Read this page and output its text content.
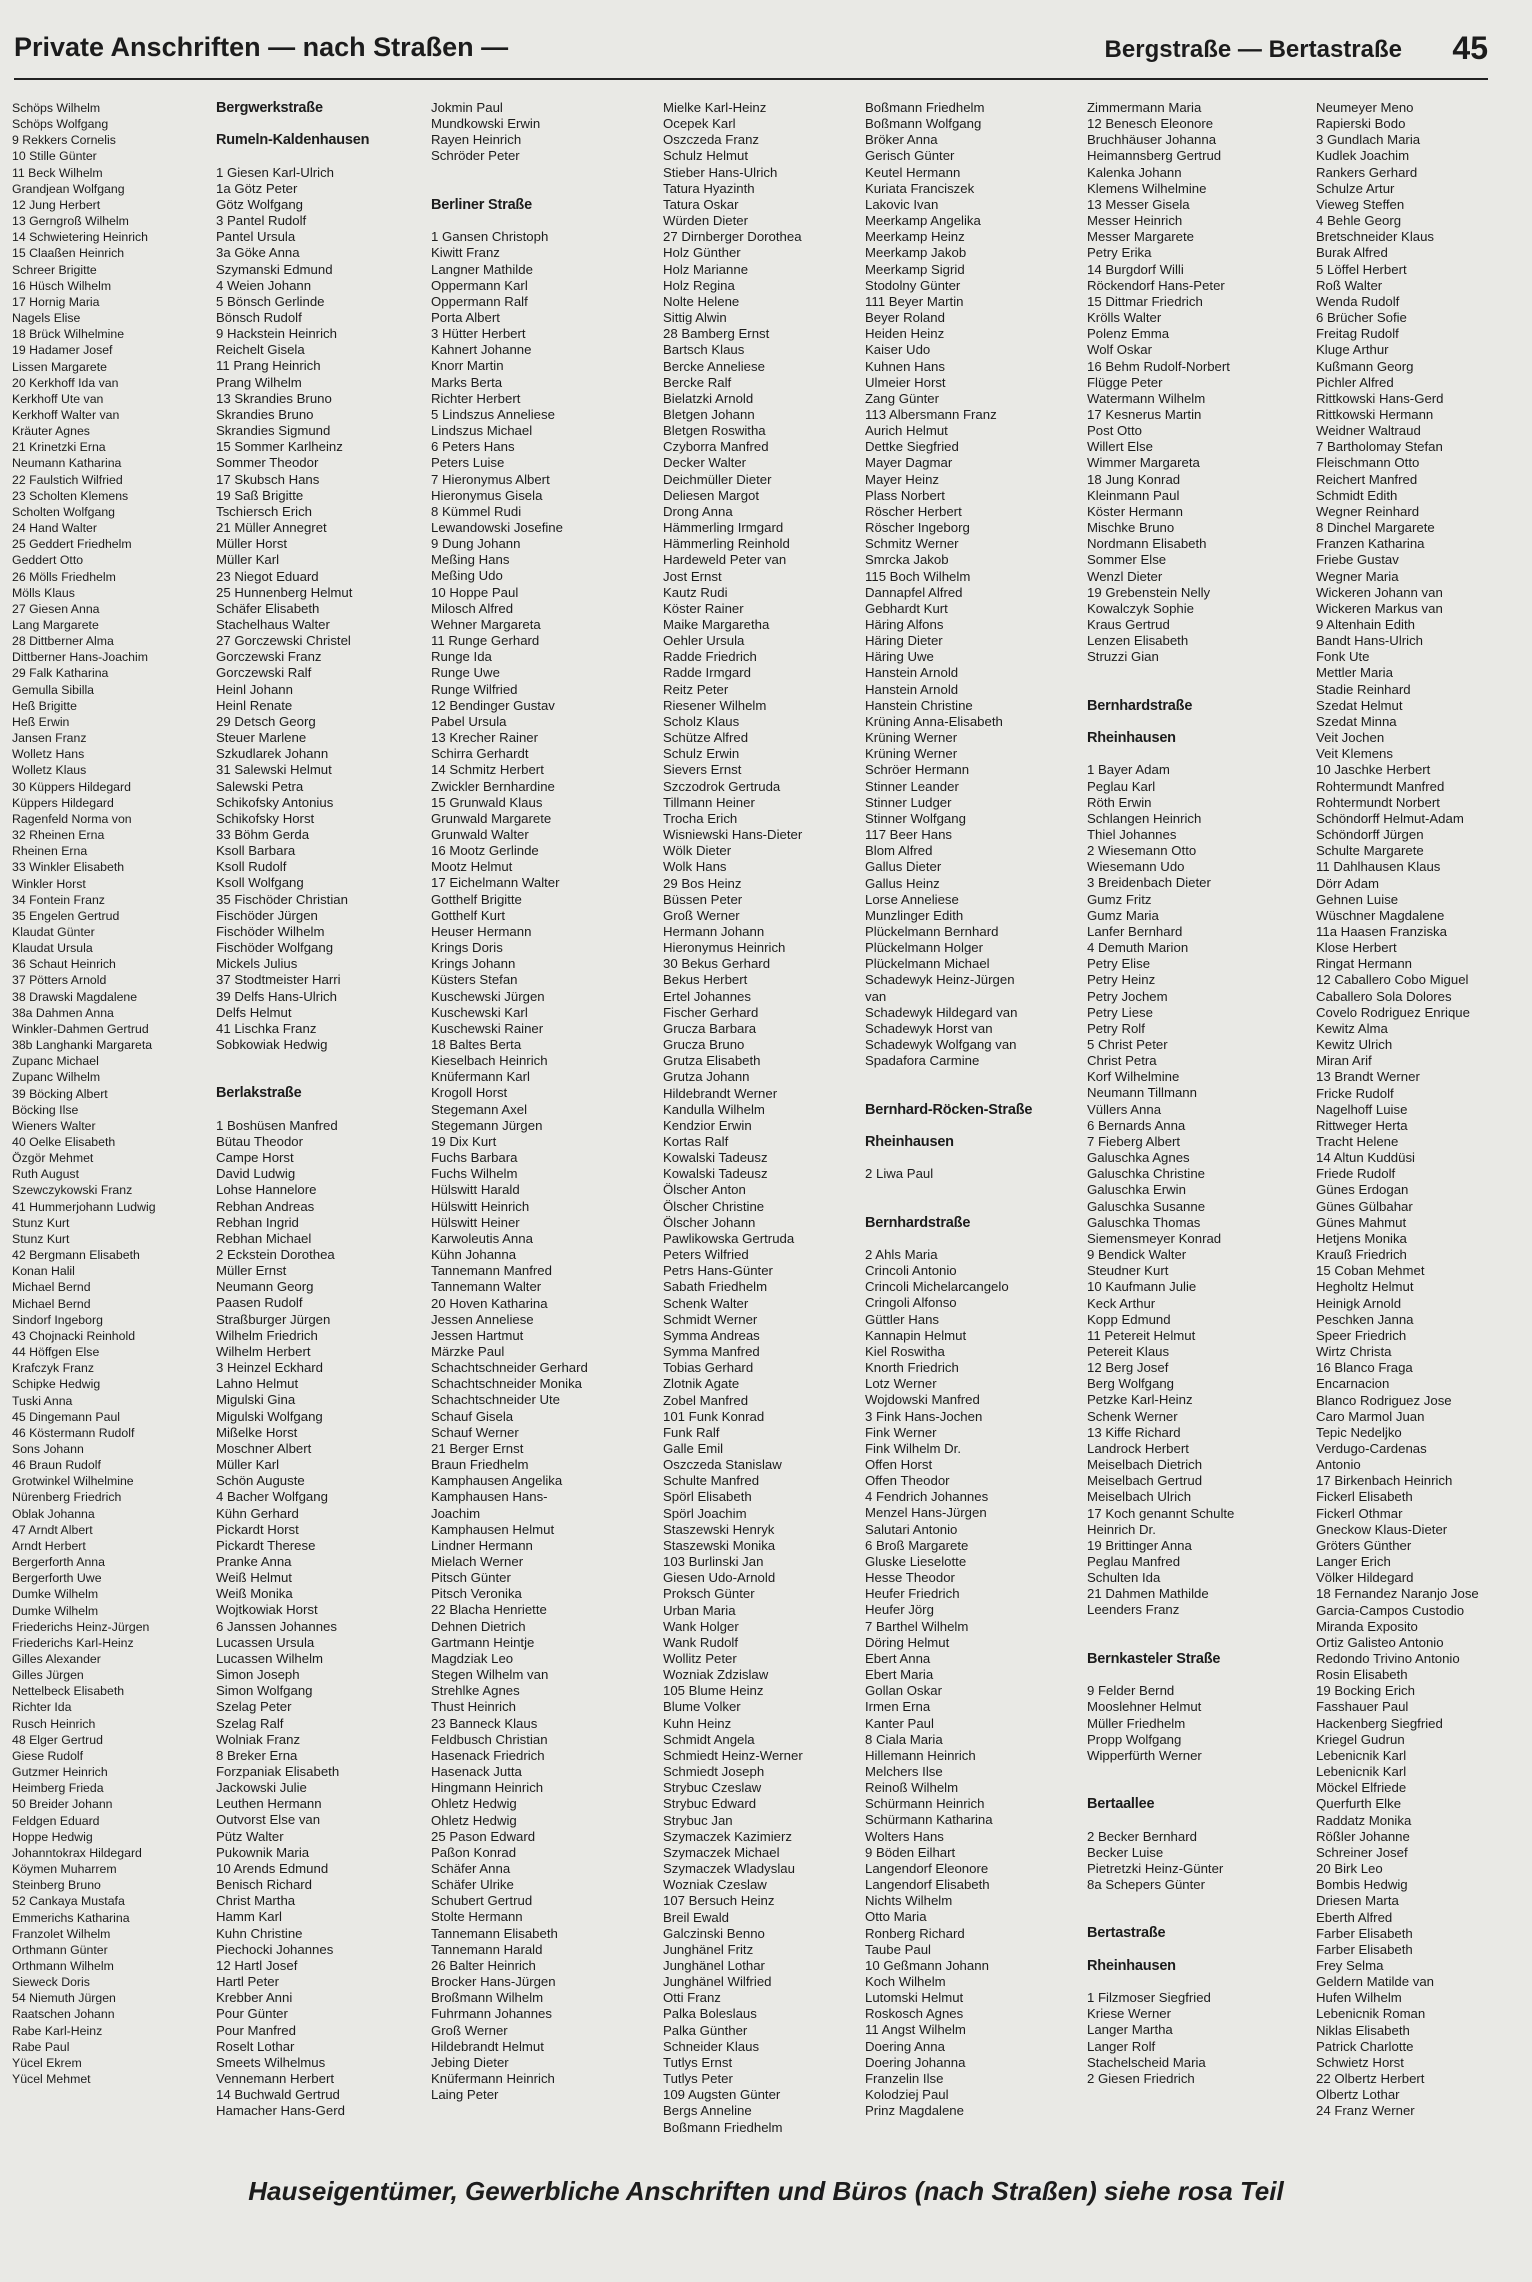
Private Anschriften — nach Straßen —	Bergstraße — Bertastraße 45
Schöps Wilhelm
Schöps Wolfgang
9 Rekkers Cornelis
10 Stille Günter
11 Beck Wilhelm
Grandjean Wolfgang
12 Jung Herbert
13 Gerngroß Wilhelm
14 Schwietering Heinrich
15 Claaßen Heinrich
Schreer Brigitte
16 Hüsch Wilhelm
17 Hornig Maria
Nagels Elise
18 Brück Wilhelmine
19 Hadamer Josef
Lissen Margarete
20 Kerkhoff Ida van
Kerkhoff Ute van
Kerkhoff Walter van
Kräuter Agnes
21 Krinetzki Erna
Neumann Katharina
22 Faulstich Wilfried
23 Scholten Klemens
Scholten Wolfgang
24 Hand Walter
25 Geddert Friedhelm
Geddert Otto
26 Mölls Friedhelm
Mölls Klaus
27 Giesen Anna
Lang Margarete
28 Dittberner Alma
Dittberner Hans-Joachim
29 Falk Katharina
Gemulla Sibilla
Heß Brigitte
Heß Erwin
Jansen Franz
Wolletz Hans
Wolletz Klaus
30 Küppers Hildegard
Küppers Hildegard
Ragenfeld Norma von
32 Rheinen Erna
Rheinen Erna
33 Winkler Elisabeth
Winkler Horst
34 Fontein Franz
35 Engelen Gertrud
Klaudat Günter
Klaudat Ursula
36 Schaut Heinrich
37 Pötters Arnold
38 Drawski Magdalene
38a Dahmen Anna
Winkler-Dahmen Gertrud
38b Langhanki Margareta
Zupanc Michael
Zupanc Wilhelm
39 Böcking Albert
Böcking Ilse
Wieners Walter
40 Oelke Elisabeth
Özgör Mehmet
Ruth August
Szewczykowski Franz
41 Hummerjohann Ludwig
Stunz Kurt
Stunz Kurt
42 Bergmann Elisabeth
Konan Halil
Michael Bernd
Michael Bernd
Sindorf Ingeborg
43 Chojnacki Reinhold
44 Höffgen Else
Krafczyk Franz
Schipke Hedwig
Tuski Anna
45 Dingemann Paul
46 Köstermann Rudolf
Sons Johann
46 Braun Rudolf
Grotwinkel Wilhelmine
Nürenberg Friedrich
Oblak Johanna
47 Arndt Albert
Arndt Herbert
Bergerforth Anna
Bergerforth Uwe
Dumke Wilhelm
Dumke Wilhelm
Friederichs Heinz-Jürgen
Friederichs Karl-Heinz
Gilles Alexander
Gilles Jürgen
Nettelbeck Elisabeth
Richter Ida
Rusch Heinrich
48 Elger Gertrud
Giese Rudolf
Gutzmer Heinrich
Heimberg Frieda
50 Breider Johann
Feldgen Eduard
Hoppe Hedwig
Johanntokrax Hildegard
Köymen Muharrem
Steinberg Bruno
52 Cankaya Mustafa
Emmerichs Katharina
Franzolet Wilhelm
Orthmann Günter
Orthmann Wilhelm
Sieweck Doris
54 Niemuth Jürgen
Raatschen Johann
Rabe Karl-Heinz
Rabe Paul
Yücel Ekrem
Yücel Mehmet
Bergwerkstraße
Rumeln-Kaldenhausen
1 Giesen Karl-Ulrich
1a Götz Peter
Götz Wolfgang
3 Pantel Rudolf
Pantel Ursula
3a Göke Anna
Szymanski Edmund
4 Weien Johann
5 Bönsch Gerlinde
Bönsch Rudolf
9 Hackstein Heinrich
Reichelt Gisela
11 Prang Heinrich
Prang Wilhelm
13 Skrandies Bruno
Skrandies Bruno
Skrandies Sigmund
15 Sommer Karlheinz
Sommer Theodor
17 Skubsch Hans
19 Saß Brigitte
Tschiersch Erich
21 Müller Annegret
Müller Horst
Müller Karl
23 Niegot Eduard
25 Hunnenberg Helmut
Schäfer Elisabeth
Stachelhaus Walter
27 Gorczewski Christel
Gorczewski Franz
Gorczewski Ralf
Heinl Johann
Heinl Renate
29 Detsch Georg
Steuer Marlene
Szkudlarek Johann
31 Salewski Helmut
Salewski Petra
Schikofsky Antonius
Schikofsky Horst
33 Böhm Gerda
Ksoll Barbara
Ksoll Rudolf
Ksoll Wolfgang
35 Fischöder Christian
Fischöder Jürgen
Fischöder Wilhelm
Fischöder Wolfgang
Mickels Julius
37 Stodtmeister Harri
39 Delfs Hans-Ulrich
Delfs Helmut
41 Lischka Franz
Sobkowiak Hedwig
Berlakstraße
1 Boshüsen Manfred
Bütau Theodor
Campe Horst
David Ludwig
Lohse Hannelore
Rebhan Andreas
Rebhan Ingrid
Rebhan Michael
2 Eckstein Dorothea
Müller Ernst
Neumann Georg
Paasen Rudolf
Straßburger Jürgen
Wilhelm Friedrich
Wilhelm Herbert
3 Heinzel Eckhard
Lahno Helmut
Migulski Gina
Migulski Wolfgang
Mißelke Horst
Moschner Albert
Müller Karl
Schön Auguste
4 Bacher Wolfgang
Kühn Gerhard
Pickardt Horst
Pickardt Therese
Pranke Anna
Weiß Helmut
Weiß Monika
Wojtkowiak Horst
6 Janssen Johannes
Lucassen Ursula
Lucassen Wilhelm
Simon Joseph
Simon Wolfgang
Szelag Peter
Szelag Ralf
Wolniak Franz
8 Breker Erna
Forzpaniak Elisabeth
Jackowski Julie
Leuthen Hermann
Outvorst Else van
Pütz Walter
Pukownik Maria
10 Arends Edmund
Benisch Richard
Christ Martha
Hamm Karl
Kuhn Christine
Piechocki Johannes
12 Hartl Josef
Hartl Peter
Krebber Anni
Pour Günter
Pour Manfred
Roselt Lothar
Smeets Wilhelmus
Vennemann Herbert
14 Buchwald Gertrud
Hamacher Hans-Gerd
Jokmin Paul
Mundkowski Erwin
Rayen Heinrich
Schröder Peter
Berliner Straße
1 Gansen Christoph
Kiwitt Franz
Langner Mathilde
Oppermann Karl
Oppermann Ralf
Porta Albert
3 Hütter Herbert
Kahnert Johanne
Knorr Martin
Marks Berta
Richter Herbert
5 Lindszus Anneliese
Lindszus Michael
6 Peters Hans
Peters Luise
7 Hieronymus Albert
Hieronymus Gisela
8 Kümmel Rudi
Lewandowski Josefine
9 Dung Johann
Meßing Hans
Meßing Udo
10 Hoppe Paul
Milosch Alfred
Wehner Margareta
11 Runge Gerhard
Runge Ida
Runge Uwe
Runge Wilfried
12 Bendinger Gustav
Pabel Ursula
13 Krecher Rainer
Schirra Gerhardt
14 Schmitz Herbert
Zwickler Bernhardine
15 Grunwald Klaus
Grunwald Margarete
Grunwald Walter
16 Mootz Gerlinde
Mootz Helmut
17 Eichelmann Walter
Gotthelf Brigitte
Gotthelf Kurt
Heuser Hermann
Krings Doris
Krings Johann
Küsters Stefan
Kuschewski Jürgen
Kuschewski Karl
Kuschewski Rainer
18 Baltes Berta
Kieselbach Heinrich
Knüfermann Karl
Krogoll Horst
Stegemann Axel
Stegemann Jürgen
19 Dix Kurt
Fuchs Barbara
Fuchs Wilhelm
Hülswitt Harald
Hülswitt Heinrich
Hülswitt Heiner
Karwoleutis Anna
Kühn Johanna
Tannemann Manfred
Tannemann Walter
20 Hoven Katharina
Jessen Anneliese
Jessen Hartmut
Märzke Paul
Schachtschneider Gerhard
Schachtschneider Monika
Schachtschneider Ute
Schauf Gisela
Schauf Werner
21 Berger Ernst
Braun Friedhelm
Kamphausen Angelika
Kamphausen Hans-
Joachim
Kamphausen Helmut
Lindner Hermann
Mielach Werner
Pitsch Günter
Pitsch Veronika
22 Blacha Henriette
Dehnen Dietrich
Gartmann Heintje
Magdziak Leo
Stegen Wilhelm van
Strehlke Agnes
Thust Heinrich
23 Banneck Klaus
Feldbusch Christian
Hasenack Friedrich
Hasenack Jutta
Hingmann Heinrich
Ohletz Hedwig
Ohletz Hedwig
25 Pason Edward
Paßon Konrad
Schäfer Anna
Schäfer Ulrike
Schubert Gertrud
Stolte Hermann
Tannemann Elisabeth
Tannemann Harald
26 Balter Heinrich
Brocker Hans-Jürgen
Broßmann Wilhelm
Fuhrmann Johannes
Groß Werner
Hildebrandt Helmut
Jebing Dieter
Knüfermann Heinrich
Laing Peter
Mielke Karl-Heinz
Ocepek Karl
Oszczeda Franz
Schulz Helmut
Stieber Hans-Ulrich
Tatura Hyazinth
Tatura Oskar
Würden Dieter
27 Dirnberger Dorothea
Holz Günther
Holz Marianne
Holz Regina
Nolte Helene
Sittig Alwin
28 Bamberg Ernst
Bartsch Klaus
Bercke Anneliese
Bercke Ralf
Bielatzki Arnold
Bletgen Johann
Bletgen Roswitha
Czyborra Manfred
Decker Walter
Deichmüller Dieter
Deliesen Margot
Drong Anna
Hämmerling Irmgard
Hämmerling Reinhold
Hardeweld Peter van
Jost Ernst
Kautz Rudi
Köster Rainer
Maike Margaretha
Oehler Ursula
Radde Friedrich
Radde Irmgard
Reitz Peter
Riesener Wilhelm
Scholz Klaus
Schütze Alfred
Schulz Erwin
Sievers Ernst
Szczodrok Gertruda
Tillmann Heiner
Trocha Erich
Wisniewski Hans-Dieter
Wölk Dieter
Wolk Hans
29 Bos Heinz
Büssen Peter
Groß Werner
Hermann Johann
Hieronymus Heinrich
30 Bekus Gerhard
Bekus Herbert
Ertel Johannes
Fischer Gerhard
Grucza Barbara
Grucza Bruno
Grutza Elisabeth
Grutza Johann
Hildebrandt Werner
Kandulla Wilhelm
Kendzior Erwin
Kortas Ralf
Kowalski Tadeusz
Kowalski Tadeusz
Ölscher Anton
Ölscher Christine
Ölscher Johann
Pawlikowska Gertruda
Peters Wilfried
Petrs Hans-Günter
Sabath Friedhelm
Schenk Walter
Schmidt Werner
Symma Andreas
Symma Manfred
Tobias Gerhard
Zlotnik Agate
Zobel Manfred
101 Funk Konrad
Funk Ralf
Galle Emil
Oszczeda Stanislaw
Schulte Manfred
Spörl Elisabeth
Spörl Joachim
Staszewski Henryk
Staszewski Monika
103 Burlinski Jan
Giesen Udo-Arnold
Proksch Günter
Urban Maria
Wank Holger
Wank Rudolf
Wollitz Peter
Wozniak Zdzislaw
105 Blume Heinz
Blume Volker
Kuhn Heinz
Schmidt Angela
Schmiedt Heinz-Werner
Schmiedt Joseph
Strybuc Czeslaw
Strybuc Edward
Strybuc Jan
Szymaczek Kazimierz
Szymaczek Michael
Szymaczek Wladyslau
Wozniak Czeslaw
107 Bersuch Heinz
Breil Ewald
Galczinski Benno
Junghänel Fritz
Junghänel Lothar
Junghänel Wilfried
Otti Franz
Palka Boleslaus
Palka Günther
Schneider Klaus
Tutlys Ernst
Tutlys Peter
109 Augsten Günter
Bergs Anneline
Boßmann Friedhelm
Boßmann Friedhelm
Boßmann Wolfgang
Bröker Anna
Gerisch Günter
Keutel Hermann
Kuriata Franciszek
Lakovic Ivan
Meerkamp Angelika
Meerkamp Heinz
Meerkamp Jakob
Meerkamp Sigrid
Stodolny Günter
111 Beyer Martin
Beyer Roland
Heiden Heinz
Kaiser Udo
Kuhnen Hans
Ulmeier Horst
Zang Günter
113 Albersmann Franz
Aurich Helmut
Dettke Siegfried
Mayer Dagmar
Mayer Heinz
Plass Norbert
Röscher Herbert
Röscher Ingeborg
Schmitz Werner
Smrcka Jakob
115 Boch Wilhelm
Dannapfel Alfred
Gebhardt Kurt
Häring Alfons
Häring Dieter
Häring Uwe
Hanstein Arnold
Hanstein Arnold
Hanstein Christine
Krüning Anna-Elisabeth
Krüning Werner
Krüning Werner
Schröer Hermann
Stinner Leander
Stinner Ludger
Stinner Wolfgang
117 Beer Hans
Blom Alfred
Gallus Dieter
Gallus Heinz
Lorse Anneliese
Munzlinger Edith
Plückelmann Bernhard
Plückelmann Holger
Plückelmann Michael
Schadewyk Heinz-Jürgen
van
Schadewyk Hildegard van
Schadewyk Horst van
Schadewyk Wolfgang van
Spadafora Carmine
Bernhard-Röcken-Straße
Rheinhausen
2 Liwa Paul
Bernhardstraße
2 Ahls Maria
Crincoli Antonio
Crincoli Michelarcangelo
Cringoli Alfonso
Güttler Hans
Kannapin Helmut
Kiel Roswitha
Knorth Friedrich
Lotz Werner
Wojdowski Manfred
3 Fink Hans-Jochen
Fink Werner
Fink Wilhelm Dr.
Offen Horst
Offen Theodor
4 Fendrich Johannes
Menzel Hans-Jürgen
Salutari Antonio
6 Broß Margarete
Gluske Lieselotte
Hesse Theodor
Heufer Friedrich
Heufer Jörg
7 Barthel Wilhelm
Döring Helmut
Ebert Anna
Ebert Maria
Gollan Oskar
Irmen Erna
Kanter Paul
8 Ciala Maria
Hillemann Heinrich
Melchers Ilse
Reinoß Wilhelm
Schürmann Heinrich
Schürmann Katharina
Wolters Hans
9 Böden Eilhart
Langendorf Eleonore
Langendorf Elisabeth
Nichts Wilhelm
Otto Maria
Ronberg Richard
Taube Paul
10 Geßmann Johann
Koch Wilhelm
Lutomski Helmut
Roskosch Agnes
11 Angst Wilhelm
Doering Anna
Doering Johanna
Franzelin Ilse
Kolodziej Paul
Prinz Magdalene
Zimmermann Maria
12 Benesch Eleonore
Bruchhäuser Johanna
Heimannsberg Gertrud
Kalenka Johann
Klemens Wilhelmine
13 Messer Gisela
Messer Heinrich
Messer Margarete
Petry Erika
14 Burgdorf Willi
Röckendorf Hans-Peter
15 Dittmar Friedrich
Krölls Walter
Polenz Emma
Wolf Oskar
16 Behm Rudolf-Norbert
Flügge Peter
Watermann Wilhelm
17 Kesnerus Martin
Post Otto
Willert Else
Wimmer Margareta
18 Jung Konrad
Kleinmann Paul
Köster Hermann
Mischke Bruno
Nordmann Elisabeth
Sommer Else
Wenzl Dieter
19 Grebenstein Nelly
Kowalczyk Sophie
Kraus Gertrud
Lenzen Elisabeth
Struzzi Gian
Bernhardstraße
Rheinhausen
1 Bayer Adam
Peglau Karl
Röth Erwin
Schlangen Heinrich
Thiel Johannes
2 Wiesemann Otto
Wiesemann Udo
3 Breidenbach Dieter
Gumz Fritz
Gumz Maria
Lanfer Bernhard
4 Demuth Marion
Petry Elise
Petry Heinz
Petry Jochem
Petry Liese
Petry Rolf
5 Christ Peter
Christ Petra
Korf Wilhelmine
Neumann Tillmann
Vüllers Anna
6 Bernards Anna
7 Fieberg Albert
Galuschka Agnes
Galuschka Christine
Galuschka Erwin
Galuschka Susanne
Galuschka Thomas
Siemensmeyer Konrad
9 Bendick Walter
Steudner Kurt
10 Kaufmann Julie
Keck Arthur
Kopp Edmund
11 Petereit Helmut
Petereit Klaus
12 Berg Josef
Berg Wolfgang
Petzke Karl-Heinz
Schenk Werner
13 Kiffe Richard
Landrock Herbert
Meiselbach Dietrich
Meiselbach Gertrud
Meiselbach Ulrich
17 Koch genannt Schulte
Heinrich Dr.
19 Brittinger Anna
Peglau Manfred
Schulten Ida
21 Dahmen Mathilde
Leenders Franz
Bernkasteler Straße
9 Felder Bernd
Mooslehner Helmut
Müller Friedhelm
Propp Wolfgang
Wipperfürth Werner
Bertaallee
2 Becker Bernhard
Becker Luise
Pietretzki Heinz-Günter
8a Schepers Günter
Bertastraße
Rheinhausen
1 Filzmoser Siegfried
Kriese Werner
Langer Martha
Langer Rolf
Stachelscheid Maria
2 Giesen Friedrich
Neumeyer Meno
Rapierski Bodo
3 Gundlach Maria
Kudlek Joachim
Rankers Gerhard
Schulze Artur
Vieweg Steffen
4 Behle Georg
Bretschneider Klaus
Burak Alfred
5 Löffel Herbert
Roß Walter
Wenda Rudolf
6 Brücher Sofie
Freitag Rudolf
Kluge Arthur
Kußmann Georg
Pichler Alfred
Rittkowski Hans-Gerd
Rittkowski Hermann
Weidner Waltraud
7 Bartholomay Stefan
Fleischmann Otto
Reichert Manfred
Schmidt Edith
Wegner Reinhard
8 Dinchel Margarete
Franzen Katharina
Friebe Gustav
Wegner Maria
Wickeren Johann van
Wickeren Markus van
9 Altenhain Edith
Bandt Hans-Ulrich
Fonk Ute
Mettler Maria
Stadie Reinhard
Szedat Helmut
Szedat Minna
Veit Jochen
Veit Klemens
10 Jaschke Herbert
Rohtermundt Manfred
Rohtermundt Norbert
Schöndorff Helmut-Adam
Schöndorff Jürgen
Schulte Margarete
11 Dahlhausen Klaus
Dörr Adam
Gehnen Luise
Wüschner Magdalene
11a Haasen Franziska
Klose Herbert
Ringat Hermann
12 Caballero Cobo Miguel
Caballero Sola Dolores
Covelo Rodriguez Enrique
Kewitz Alma
Kewitz Ulrich
Miran Arif
13 Brandt Werner
Fricke Rudolf
Nagelhoff Luise
Rittweger Herta
Tracht Helene
14 Altun Kuddüsi
Friede Rudolf
Günes Erdogan
Günes Gülbahar
Günes Mahmut
Hetjens Monika
Krauß Friedrich
15 Coban Mehmet
Hegholtz Helmut
Heinigk Arnold
Peschken Janna
Speer Friedrich
Wirtz Christa
16 Blanco Fraga
Encarnacion
Blanco Rodriguez Jose
Caro Marmol Juan
Tepic Nedeljko
Verdugo-Cardenas
Antonio
17 Birkenbach Heinrich
Fickerl Elisabeth
Fickerl Othmar
Gneckow Klaus-Dieter
Gröters Günther
Langer Erich
Völker Hildegard
18 Fernandez Naranjo Jose
Garcia-Campos Custodio
Miranda Exposito
Ortiz Galisteo Antonio
Redondo Trivino Antonio
Rosin Elisabeth
19 Bocking Erich
Fasshauer Paul
Hackenberg Siegfried
Kriegel Gudrun
Lebenicnik Karl
Lebenicnik Karl
Möckel Elfriede
Querfurth Elke
Raddatz Monika
Rößler Johanne
Schreiner Josef
20 Birk Leo
Bombis Hedwig
Driesen Marta
Eberth Alfred
Farber Elisabeth
Farber Elisabeth
Frey Selma
Geldern Matilde van
Hufen Wilhelm
Lebenicnik Roman
Niklas Elisabeth
Patrick Charlotte
Schwietz Horst
22 Olbertz Herbert
Olbertz Lothar
24 Franz Werner
Hauseigentümer, Gewerbliche Anschriften und Büros (nach Straßen) siehe rosa Teil
